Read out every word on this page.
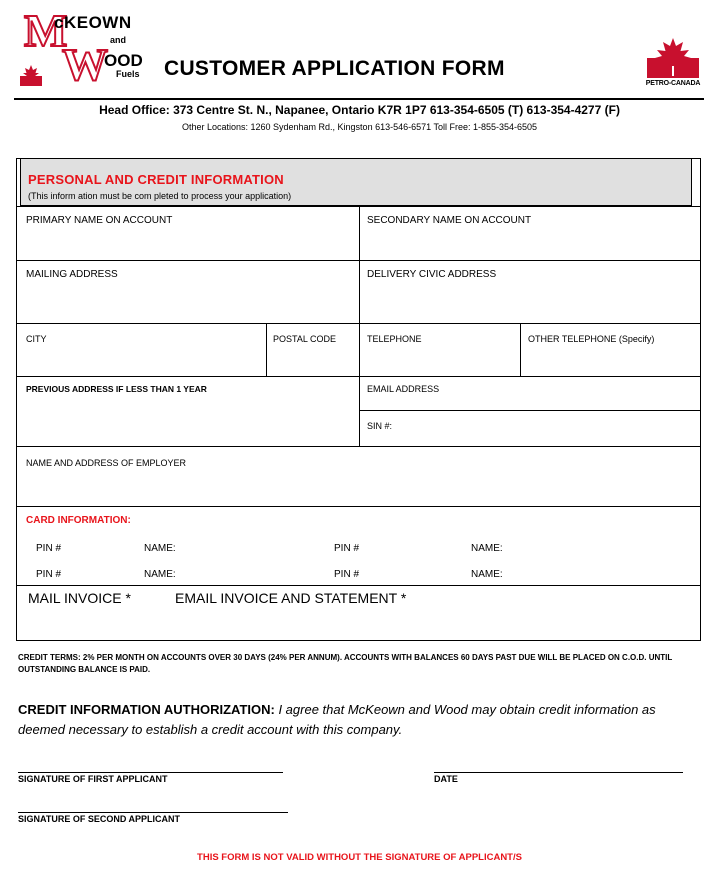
M
cKEOWN
and
W
OOD
Fuels CUSTOMER APPLICATION FORM
PETRO-CANADA
Head Office: 373 Centre St. N., Napanee, Ontario K7R 1P7 613-354-6505 (T) 613-354-4277 (F)
Other Locations: 1260 Sydenham Rd., Kingston 613-546-6571 Toll Free: 1-855-354-6505
PERSONAL AND CREDIT INFORMATION
(This inform ation must be com pleted to process your application)
PRIMARY NAME ON ACCOUNT	SECONDARY NAME ON ACCOUNT
MAILING ADDRESS	DELIVERY CIVIC ADDRESS
CITY	POSTAL CODE	TELEPHONE	OTHER TELEPHONE (Specify)
PREVIOUS ADDRESS IF LESS THAN 1 YEAR	EMAIL ADDRESS
SIN #:
NAME AND ADDRESS OF EMPLOYER
CARD INFORMATION:
PIN #	NAME:	PIN #	NAME:
PIN #	NAME:	PIN #	NAME:
MAIL INVOICE *	EMAIL INVOICE AND STATEMENT *
CREDIT TERMS: 2% PER MONTH ON ACCOUNTS OVER 30 DAYS (24% PER ANNUM). ACCOUNTS WITH BALANCES 60 DAYS PAST DUE WILL BE PLACED ON C.O.D. UNTIL OUTSTANDING BALANCE IS PAID.
CREDIT INFORMATION AUTHORIZATION: I agree that McKeown and Wood may obtain credit information as deemed necessary to establish a credit account with this company.
SIGNATURE OF FIRST APPLICANT	DATE
SIGNATURE OF SECOND APPLICANT
THIS FORM IS NOT VALID WITHOUT THE SIGNATURE OF APPLICANT/S
